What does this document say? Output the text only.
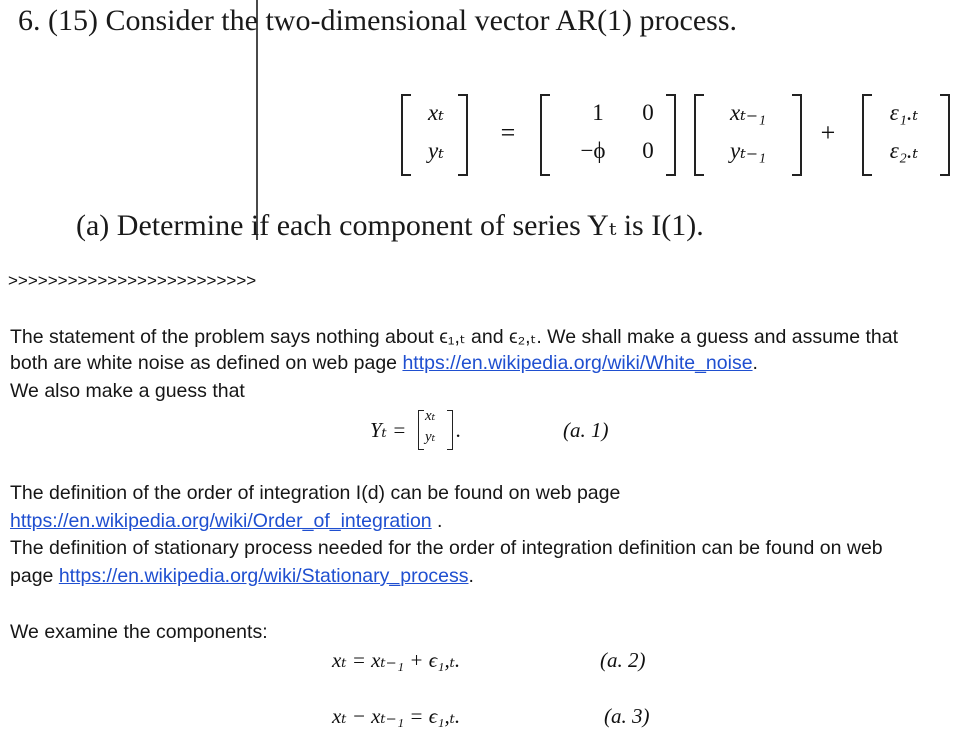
6. (15) Consider the two-dimensional vector AR(1) process.
xₜ
yₜ
=
1	0
−ϕ	0
xₜ₋₁
yₜ₋₁
+
ε₁.ₜ
ε₂.ₜ
(a) Determine if each component of series Yₜ is I(1).
>>>>>>>>>>>>>>>>>>>>>>>>>
The statement of the problem says nothing about ϵ₁,ₜ and ϵ₂,ₜ. We shall make a guess and assume that
both are white noise as defined on web page https://en.wikipedia.org/wiki/White_noise.
We also make a guess that
Yₜ =
xₜ
yₜ .	(a. 1)
The definition of the order of integration I(d) can be found on web page
https://en.wikipedia.org/wiki/Order_of_integration .
The definition of stationary process needed for the order of integration definition can be found on web
page https://en.wikipedia.org/wiki/Stationary_process.
We examine the components:
xₜ = xₜ₋₁ + ϵ₁,ₜ.	(a. 2)
xₜ − xₜ₋₁ = ϵ₁,ₜ.	(a. 3)
